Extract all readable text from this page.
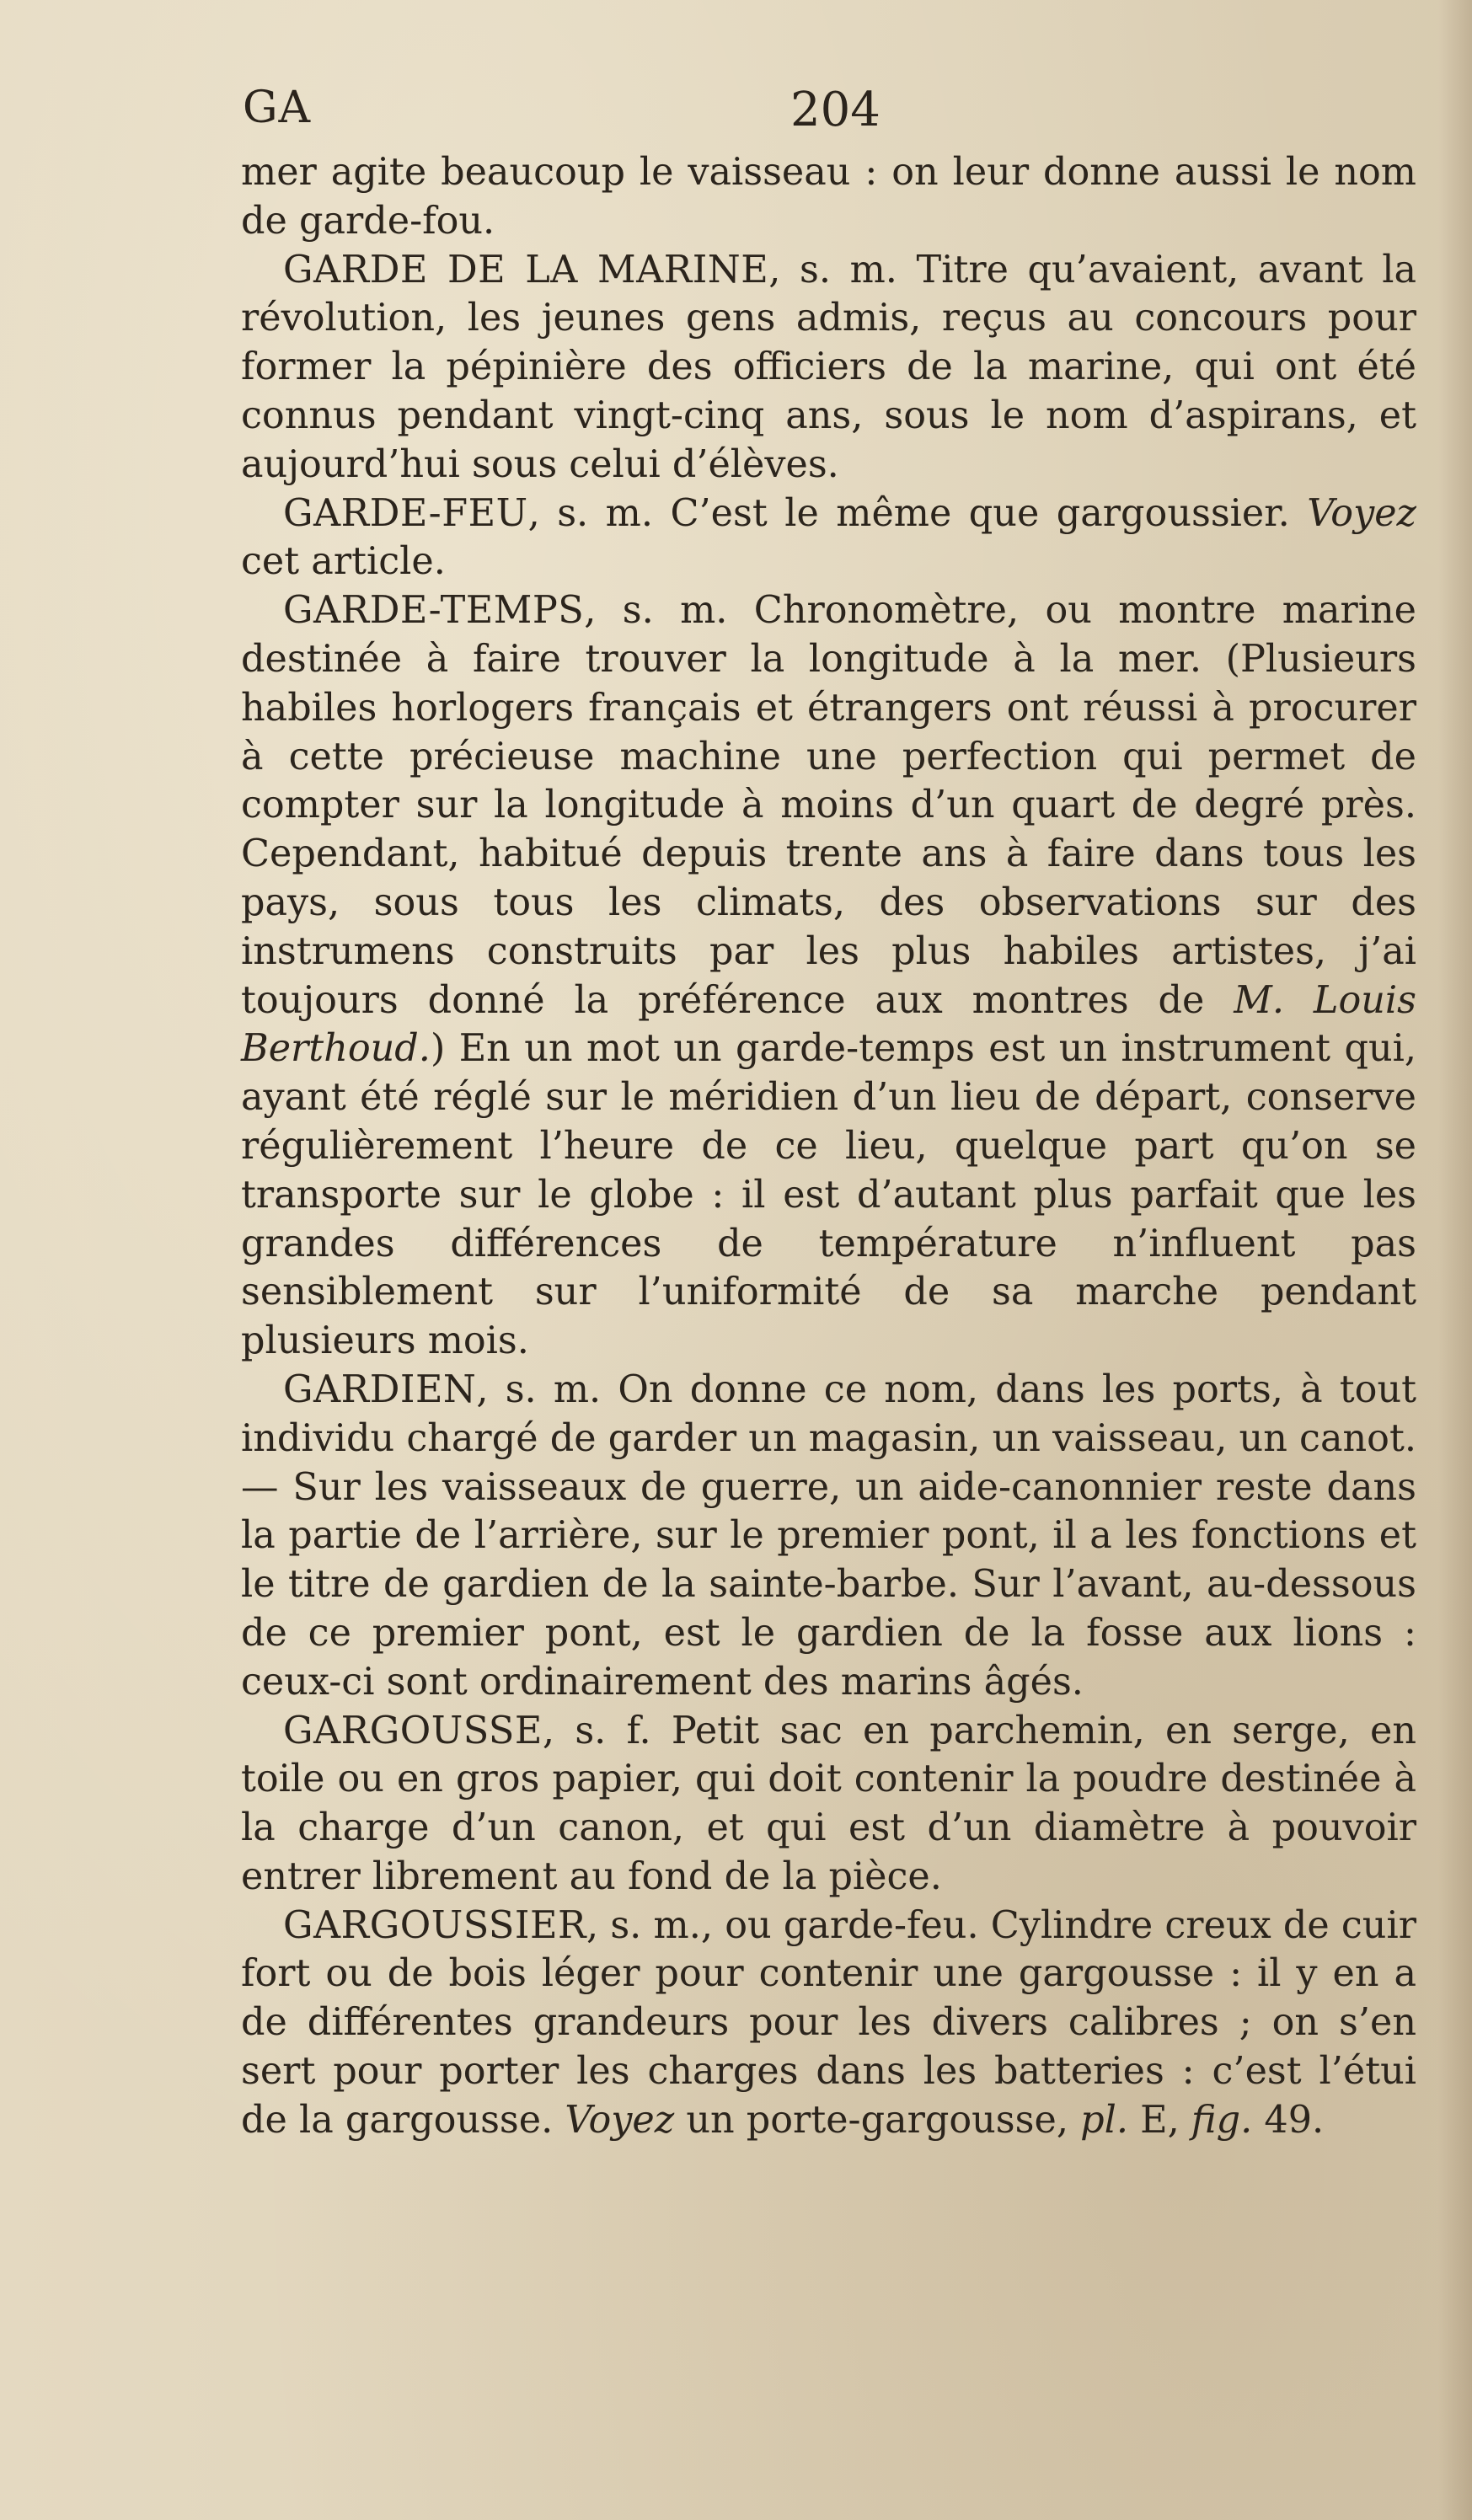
GA	204

mer agite beaucoup le vaisseau : on leur donne aussi le nom de garde-fou.

GARDE DE LA MARINE, s. m. Titre qu’avaient, avant la révolution, les jeunes gens admis, reçus au concours pour former la pépinière des officiers de la marine, qui ont été connus pendant vingt-cinq ans, sous le nom d’aspirans, et aujourd’hui sous celui d’élèves.

GARDE-FEU, s. m. C’est le même que gargoussier. Voyez cet article.

GARDE-TEMPS, s. m. Chronomètre, ou montre marine destinée à faire trouver la longitude à la mer. (Plusieurs habiles horlogers français et étrangers ont réussi à procurer à cette précieuse machine une perfection qui permet de compter sur la longitude à moins d’un quart de degré près. Cependant, habitué depuis trente ans à faire dans tous les pays, sous tous les climats, des observations sur des instrumens construits par les plus habiles artistes, j’ai toujours donné la préférence aux montres de M. Louis Berthoud.) En un mot un garde-temps est un instrument qui, ayant été réglé sur le méridien d’un lieu de départ, conserve régulièrement l’heure de ce lieu, quelque part qu’on se transporte sur le globe : il est d’autant plus parfait que les grandes différences de température n’influent pas sensiblement sur l’uniformité de sa marche pendant plusieurs mois.

GARDIEN, s. m. On donne ce nom, dans les ports, à tout individu chargé de garder un magasin, un vaisseau, un canot. — Sur les vaisseaux de guerre, un aide-canonnier reste dans la partie de l’arrière, sur le premier pont, il a les fonctions et le titre de gardien de la sainte-barbe. Sur l’avant, au-dessous de ce premier pont, est le gardien de la fosse aux lions : ceux-ci sont ordinairement des marins âgés.

GARGOUSSE, s. f. Petit sac en parchemin, en serge, en toile ou en gros papier, qui doit contenir la poudre destinée à la charge d’un canon, et qui est d’un diamètre à pouvoir entrer librement au fond de la pièce.

GARGOUSSIER, s. m., ou garde-feu. Cylindre creux de cuir fort ou de bois léger pour contenir une gargousse : il y en a de différentes grandeurs pour les divers calibres ; on s’en sert pour porter les charges dans les batteries : c’est l’étui de la gargousse. Voyez un porte-gargousse, pl. E, fig. 49.
